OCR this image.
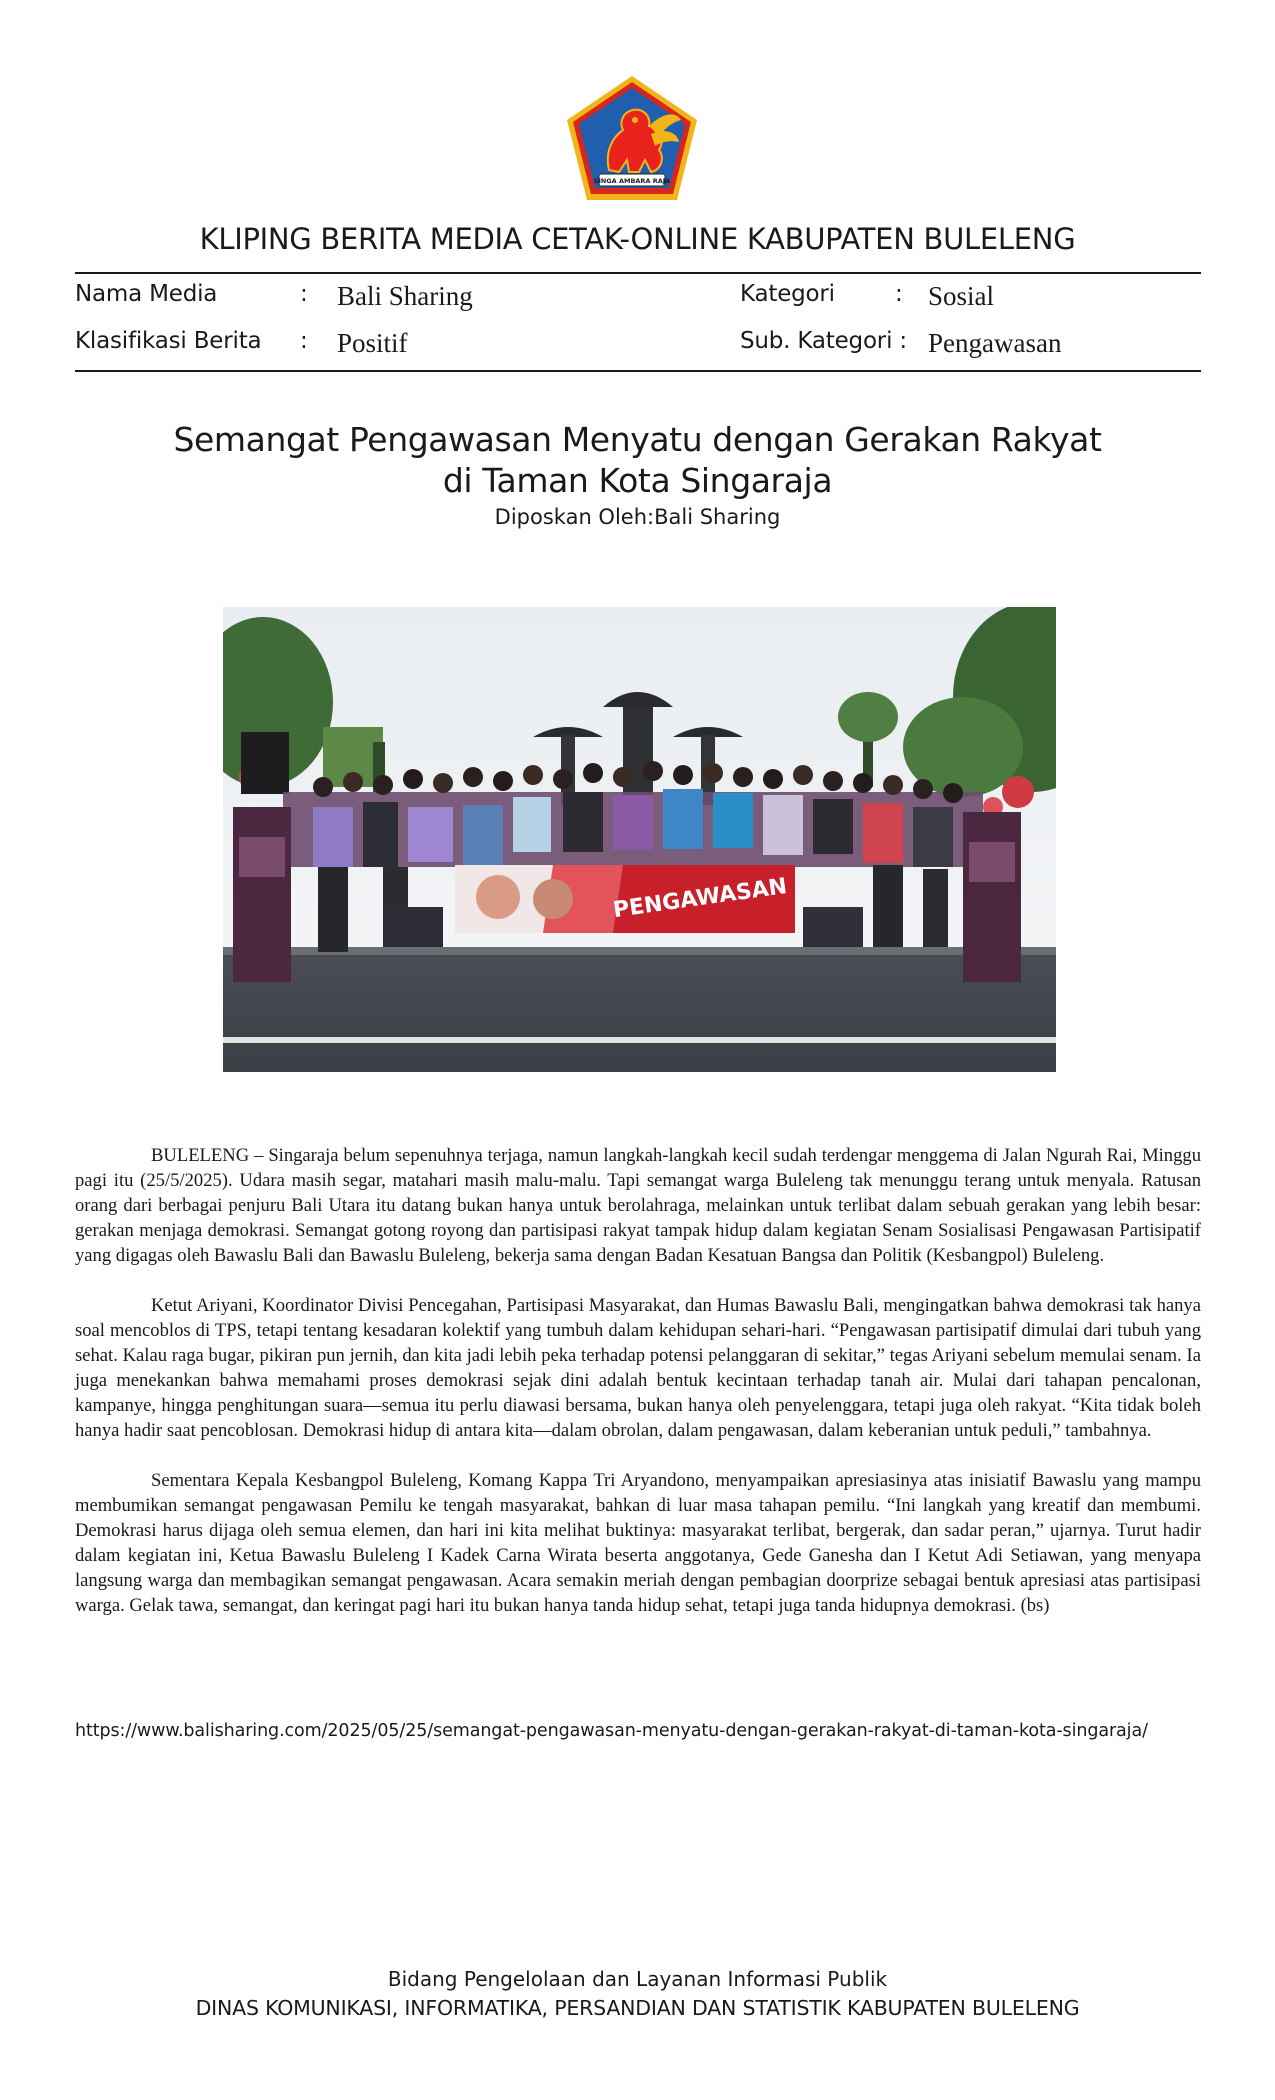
SINGA AMBARA RAJA
KLIPING BERITA MEDIA CETAK-ONLINE KABUPATEN BULELENG
Nama Media	: Bali Sharing
Klasifikasi Berita : Positif
Kategori	: Sosial
Sub. Kategori : Pengawasan
Semangat Pengawasan Menyatu dengan Gerakan Rakyat
di Taman Kota Singaraja
Diposkan Oleh:Bali Sharing
PENGAWASAN

BULELENG – Singaraja belum sepenuhnya terjaga, namun langkah-langkah kecil sudah terdengar menggema di Jalan Ngurah Rai, Minggu pagi itu (25/5/2025). Udara masih segar, matahari masih malu-malu. Tapi semangat warga Buleleng tak menunggu terang untuk menyala. Ratusan orang dari berbagai penjuru Bali Utara itu datang bukan hanya untuk berolahraga, melainkan untuk terlibat dalam sebuah gerakan yang lebih besar: gerakan menjaga demokrasi. Semangat gotong royong dan partisipasi rakyat tampak hidup dalam kegiatan Senam Sosialisasi Pengawasan Partisipatif yang digagas oleh Bawaslu Bali dan Bawaslu Buleleng, bekerja sama dengan Badan Kesatuan Bangsa dan Politik (Kesbangpol) Buleleng.

Ketut Ariyani, Koordinator Divisi Pencegahan, Partisipasi Masyarakat, dan Humas Bawaslu Bali, mengingatkan bahwa demokrasi tak hanya soal mencoblos di TPS, tetapi tentang kesadaran kolektif yang tumbuh dalam kehidupan sehari-hari. “Pengawasan partisipatif dimulai dari tubuh yang sehat. Kalau raga bugar, pikiran pun jernih, dan kita jadi lebih peka terhadap potensi pelanggaran di sekitar,” tegas Ariyani sebelum memulai senam. Ia juga menekankan bahwa memahami proses demokrasi sejak dini adalah bentuk kecintaan terhadap tanah air. Mulai dari tahapan pencalonan, kampanye, hingga penghitungan suara—semua itu perlu diawasi bersama, bukan hanya oleh penyelenggara, tetapi juga oleh rakyat. “Kita tidak boleh hanya hadir saat pencoblosan. Demokrasi hidup di antara kita—dalam obrolan, dalam pengawasan, dalam keberanian untuk peduli,” tambahnya.

Sementara Kepala Kesbangpol Buleleng, Komang Kappa Tri Aryandono, menyampaikan apresiasinya atas inisiatif Bawaslu yang mampu membumikan semangat pengawasan Pemilu ke tengah masyarakat, bahkan di luar masa tahapan pemilu. “Ini langkah yang kreatif dan membumi. Demokrasi harus dijaga oleh semua elemen, dan hari ini kita melihat buktinya: masyarakat terlibat, bergerak, dan sadar peran,” ujarnya. Turut hadir dalam kegiatan ini, Ketua Bawaslu Buleleng I Kadek Carna Wirata beserta anggotanya, Gede Ganesha dan I Ketut Adi Setiawan, yang menyapa langsung warga dan membagikan semangat pengawasan. Acara semakin meriah dengan pembagian doorprize sebagai bentuk apresiasi atas partisipasi warga. Gelak tawa, semangat, dan keringat pagi hari itu bukan hanya tanda hidup sehat, tetapi juga tanda hidupnya demokrasi. (bs)

https://www.balisharing.com/2025/05/25/semangat-pengawasan-menyatu-dengan-gerakan-rakyat-di-taman-kota-singaraja/
Bidang Pengelolaan dan Layanan Informasi Publik
DINAS KOMUNIKASI, INFORMATIKA, PERSANDIAN DAN STATISTIK KABUPATEN BULELENG
